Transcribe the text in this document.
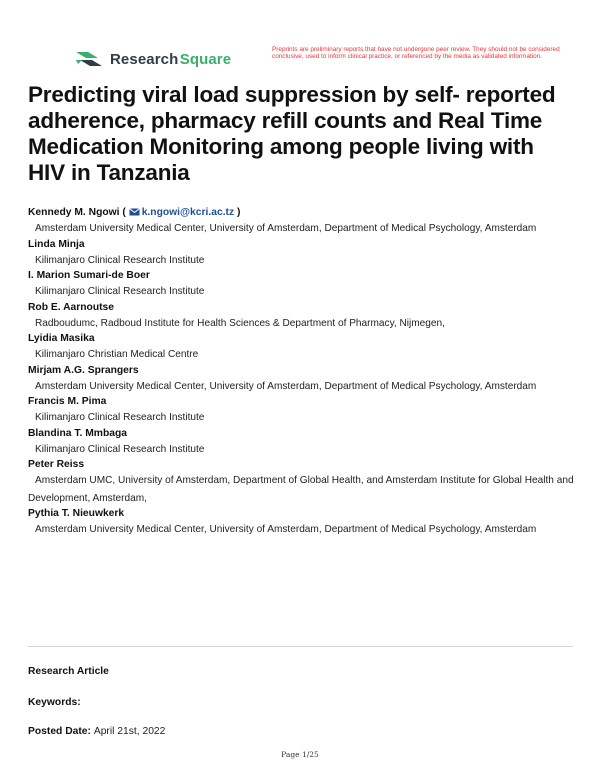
Research Square
Preprints are preliminary reports that have not undergone peer review. They should not be considered conclusive, used to inform clinical practice, or referenced by the media as validated information.
Predicting viral load suppression by self- reported adherence, pharmacy refill counts and Real Time Medication Monitoring among people living with HIV in Tanzania
Kennedy M. Ngowi ( k.ngowi@kcri.ac.tz )
Amsterdam University Medical Center, University of Amsterdam, Department of Medical Psychology, Amsterdam
Linda Minja
Kilimanjaro Clinical Research Institute
I. Marion Sumari-de Boer
Kilimanjaro Clinical Research Institute
Rob E. Aarnoutse
Radboudumc, Radboud Institute for Health Sciences & Department of Pharmacy, Nijmegen,
Lyidia Masika
Kilimanjaro Christian Medical Centre
Mirjam A.G. Sprangers
Amsterdam University Medical Center, University of Amsterdam, Department of Medical Psychology, Amsterdam
Francis M. Pima
Kilimanjaro Clinical Research Institute
Blandina T. Mmbaga
Kilimanjaro Clinical Research Institute
Peter Reiss
Amsterdam UMC, University of Amsterdam, Department of Global Health, and Amsterdam Institute for Global Health and Development, Amsterdam,
Pythia T. Nieuwkerk
Amsterdam University Medical Center, University of Amsterdam, Department of Medical Psychology, Amsterdam
Research Article
Keywords:
Posted Date: April 21st, 2022
Page 1/25
